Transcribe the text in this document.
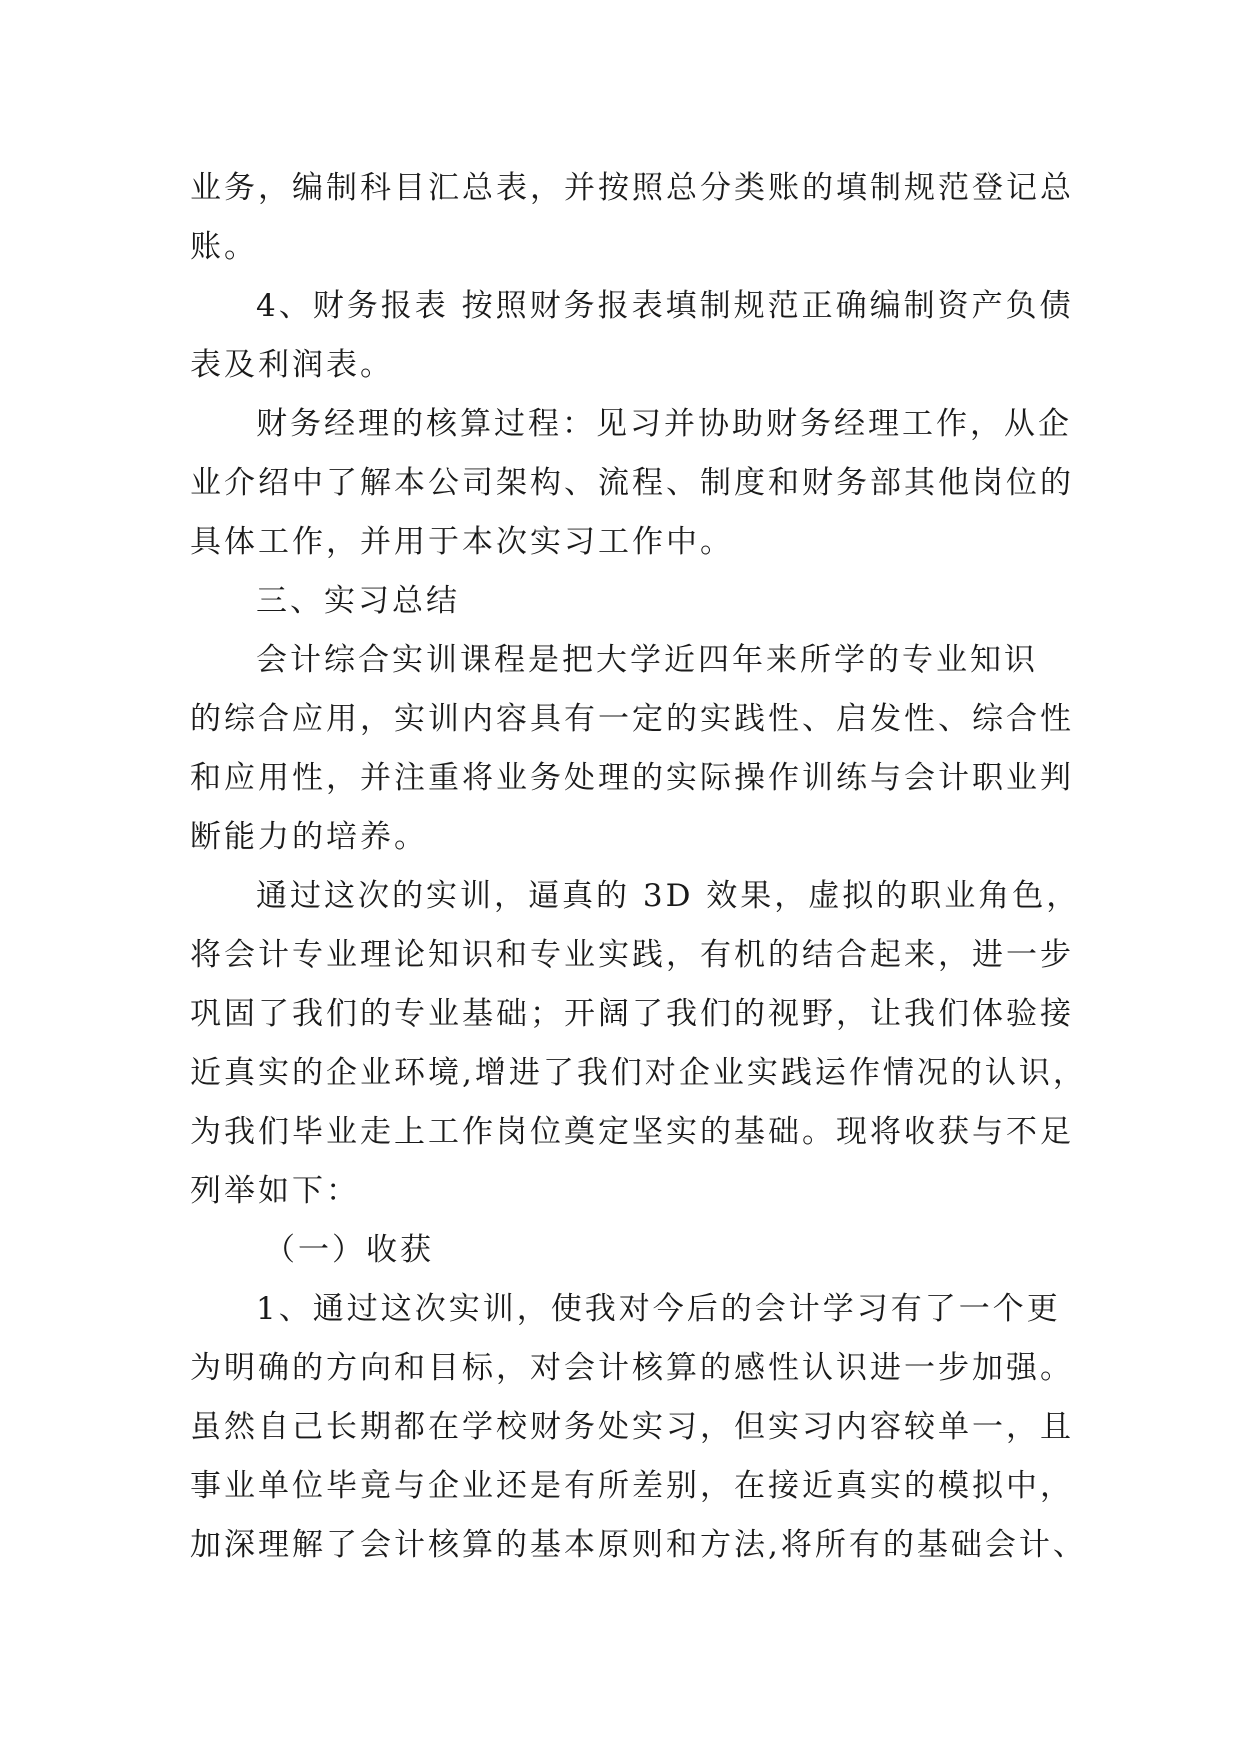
业务，编制科目汇总表，并按照总分类账的填制规范登记总
账。
4、财务报表 按照财务报表填制规范正确编制资产负债
表及利润表。
财务经理的核算过程：见习并协助财务经理工作，从企
业介绍中了解本公司架构、流程、制度和财务部其他岗位的
具体工作，并用于本次实习工作中。
三、实习总结
会计综合实训课程是把大学近四年来所学的专业知识
的综合应用，实训内容具有一定的实践性、启发性、综合性
和应用性，并注重将业务处理的实际操作训练与会计职业判
断能力的培养。
通过这次的实训，逼真的 3D 效果，虚拟的职业角色，
将会计专业理论知识和专业实践，有机的结合起来，进一步
巩固了我们的专业基础；开阔了我们的视野，让我们体验接
近真实的企业环境,增进了我们对企业实践运作情况的认识，
为我们毕业走上工作岗位奠定坚实的基础。现将收获与不足
列举如下：
（一）收获
1、通过这次实训，使我对今后的会计学习有了一个更
为明确的方向和目标，对会计核算的感性认识进一步加强。
虽然自己长期都在学校财务处实习，但实习内容较单一，且
事业单位毕竟与企业还是有所差别，在接近真实的模拟中，
加深理解了会计核算的基本原则和方法,将所有的基础会计、
